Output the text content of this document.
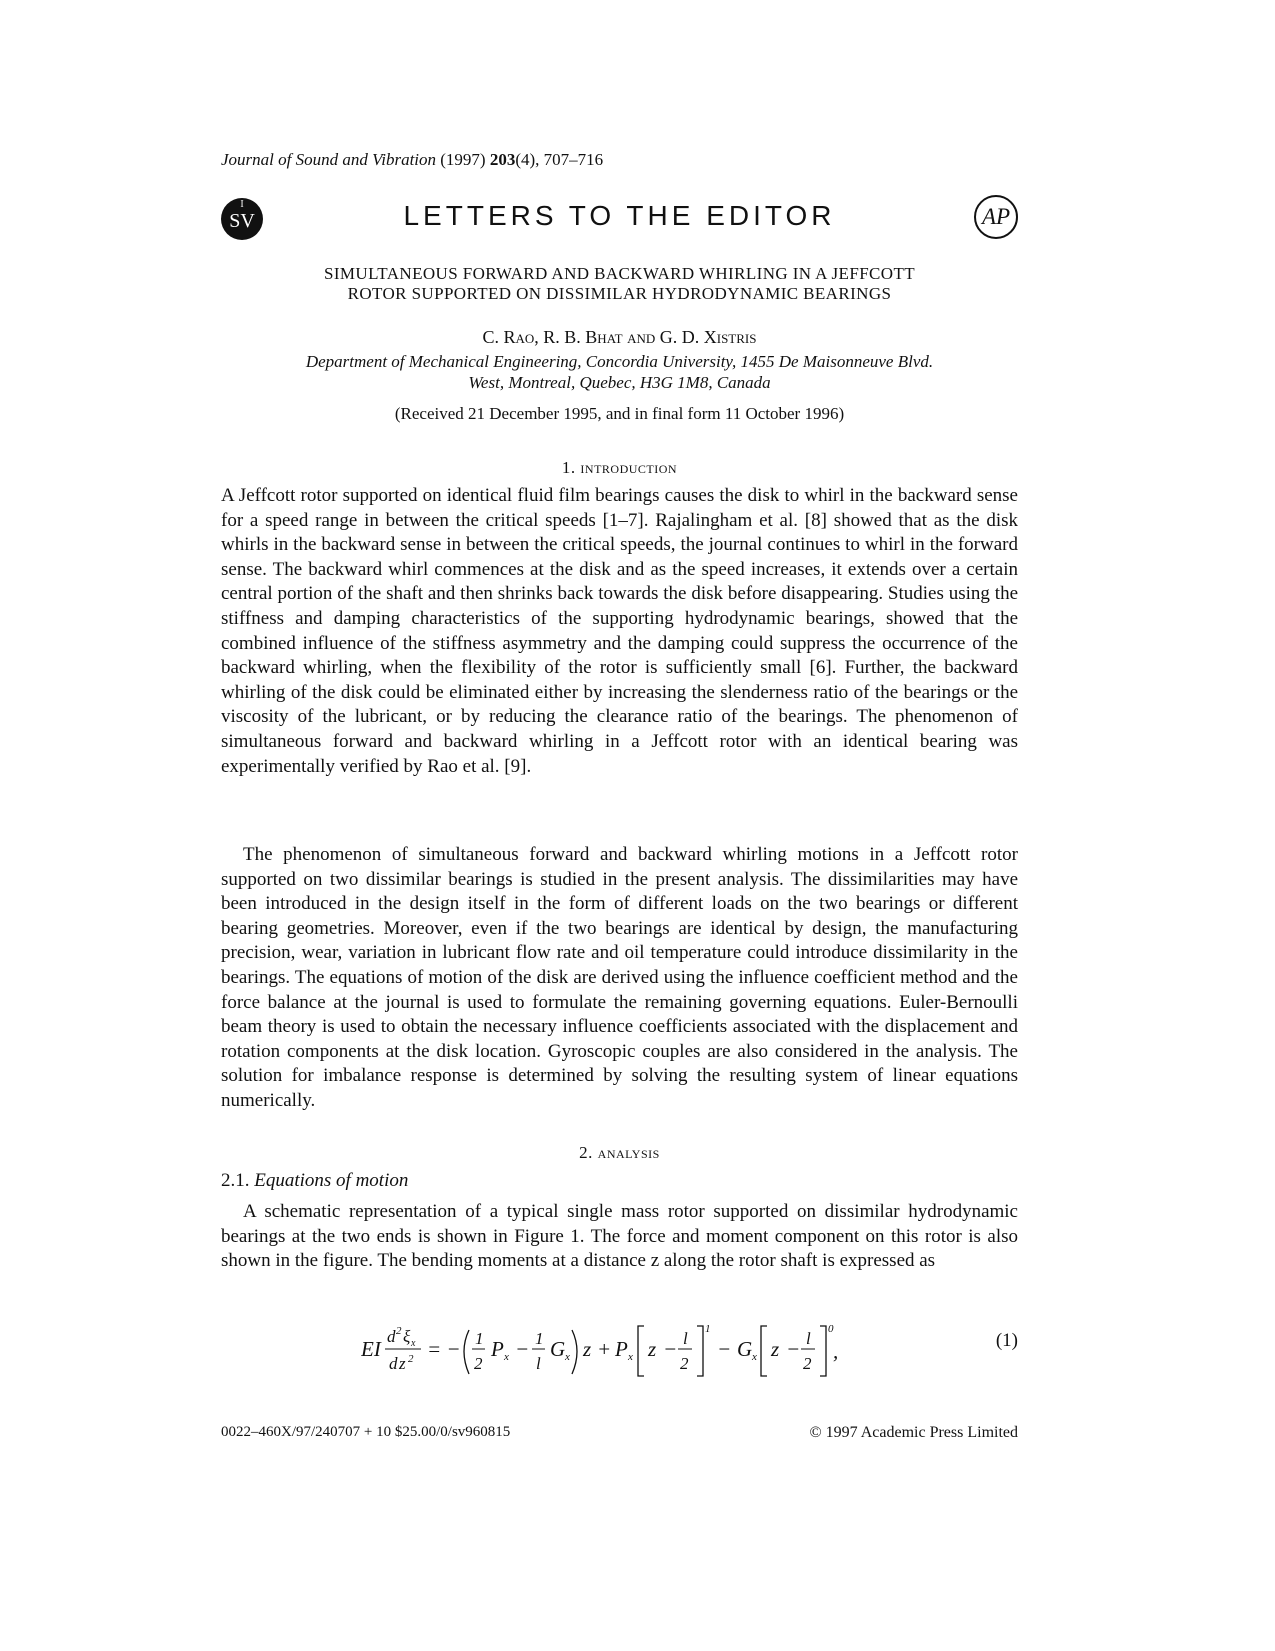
Journal of Sound and Vibration (1997) 203(4), 707–716
I
SV	LETTERS TO THE EDITOR	AP
SIMULTANEOUS FORWARD AND BACKWARD WHIRLING IN A JEFFCOTT
ROTOR SUPPORTED ON DISSIMILAR HYDRODYNAMIC BEARINGS
C. Rao, R. B. Bhat and G. D. Xistris
Department of Mechanical Engineering, Concordia University, 1455 De Maisonneuve Blvd.
West, Montreal, Quebec, H3G 1M8, Canada
(Received 21 December 1995, and in final form 11 October 1996)
1. introduction

A Jeffcott rotor supported on identical fluid film bearings causes the disk to whirl in the backward sense for a speed range in between the critical speeds [1–7]. Rajalingham et al. [8] showed that as the disk whirls in the backward sense in between the critical speeds, the journal continues to whirl in the forward sense. The backward whirl commences at the disk and as the speed increases, it extends over a certain central portion of the shaft and then shrinks back towards the disk before disappearing. Studies using the stiffness and damping characteristics of the supporting hydrodynamic bearings, showed that the combined influence of the stiffness asymmetry and the damping could suppress the occurrence of the backward whirling, when the flexibility of the rotor is sufficiently small [6]. Further, the backward whirling of the disk could be eliminated either by increasing the slenderness ratio of the bearings or the viscosity of the lubricant, or by reducing the clearance ratio of the bearings. The phenomenon of simultaneous forward and backward whirling in a Jeffcott rotor with an identical bearing was experimentally verified by Rao et al. [9].

The phenomenon of simultaneous forward and backward whirling motions in a Jeffcott rotor supported on two dissimilar bearings is studied in the present analysis. The dissimilarities may have been introduced in the design itself in the form of different loads on the two bearings or different bearing geometries. Moreover, even if the two bearings are identical by design, the manufacturing precision, wear, variation in lubricant flow rate and oil temperature could introduce dissimilarity in the bearings. The equations of motion of the disk are derived using the influence coefficient method and the force balance at the journal is used to formulate the remaining governing equations. Euler-Bernoulli beam theory is used to obtain the necessary influence coefficients associated with the displacement and rotation components at the disk location. Gyroscopic couples are also considered in the analysis. The solution for imbalance response is determined by solving the resulting system of linear equations numerically.

2. analysis
2.1. Equations of motion

A schematic representation of a typical single mass rotor supported on dissimilar hydrodynamic bearings at the two ends is shown in Figure 1. The force and moment component on this rotor is also shown in the figure. The bending moments at a distance z along the rotor shaft is expressed as

EI
d 2 ξ x
d z 2 = − 1
2
P x − 1
l
G x z + P x z − l
2
1
− G x z − l
2
0
,	(1)
0022–460X/97/240707 + 10 $25.00/0/sv960815	© 1997 Academic Press Limited
